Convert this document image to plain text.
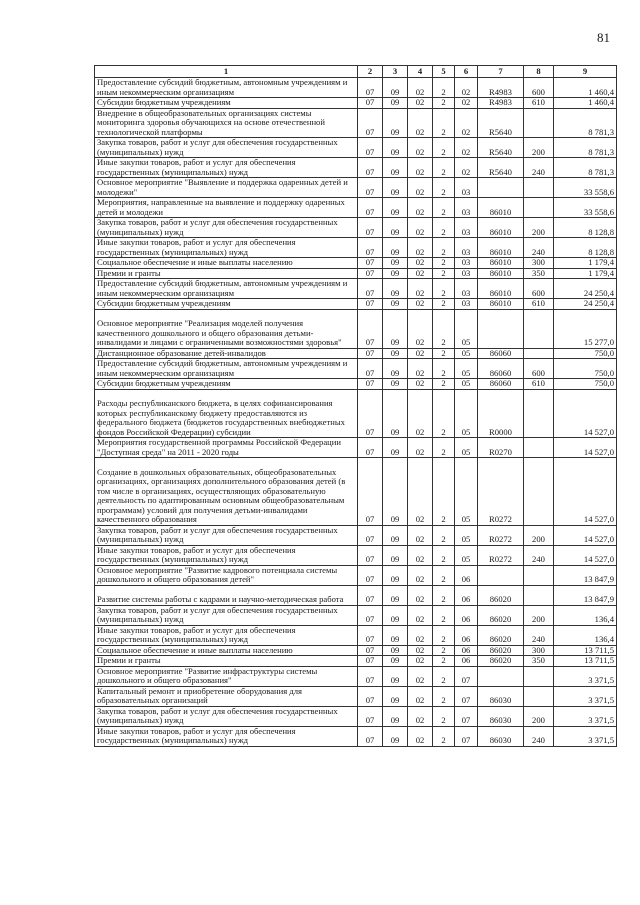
81
1	2	3	4	5	6	7	8	9
Предоставление субсидий бюджетным, автономным учреждениям и иным некоммерческим организациям	07	09	02	2	02	R4983	600	1 460,4
Субсидии бюджетным учреждениям	07	09	02	2	02	R4983	610	1 460,4
Внедрение в общеобразовательных организациях системы мониторинга здоровья обучающихся на основе отечественной технологической платформы	07	09	02	2	02	R5640		8 781,3
Закупка товаров, работ и услуг для обеспечения государственных (муниципальных) нужд	07	09	02	2	02	R5640	200	8 781,3
Иные закупки товаров, работ и услуг для обеспечения государственных (муниципальных) нужд	07	09	02	2	02	R5640	240	8 781,3
Основное мероприятие "Выявление и поддержка одаренных детей и молодежи"	07	09	02	2	03			33 558,6
Мероприятия, направленные на выявление и поддержку одаренных детей и молодежи	07	09	02	2	03	86010		33 558,6
Закупка товаров, работ и услуг для обеспечения государственных (муниципальных) нужд	07	09	02	2	03	86010	200	8 128,8
Иные закупки товаров, работ и услуг для обеспечения государственных (муниципальных) нужд	07	09	02	2	03	86010	240	8 128,8
Социальное обеспечение и иные выплаты населению	07	09	02	2	03	86010	300	1 179,4
Премии и гранты	07	09	02	2	03	86010	350	1 179,4
Предоставление субсидий бюджетным, автономным учреждениям и иным некоммерческим организациям	07	09	02	2	03	86010	600	24 250,4
Субсидии бюджетным учреждениям	07	09	02	2	03	86010	610	24 250,4
Основное мероприятие "Реализация моделей получения качественного дошкольного и общего образования детьми-инвалидами и лицами с ограниченными возможностями здоровья"	07	09	02	2	05			15 277,0
Дистанционное образование детей-инвалидов	07	09	02	2	05	86060		750,0
Предоставление субсидий бюджетным, автономным учреждениям и иным некоммерческим организациям	07	09	02	2	05	86060	600	750,0
Субсидии бюджетным учреждениям	07	09	02	2	05	86060	610	750,0
Расходы республиканского бюджета, в целях софинансирования которых республиканскому бюджету предоставляются из федерального бюджета (бюджетов государственных внебюджетных фондов Российской Федерации) субсидии	07	09	02	2	05	R0000		14 527,0
Мероприятия государственной программы Российской Федерации "Доступная среда" на 2011 - 2020 годы	07	09	02	2	05	R0270		14 527,0
Создание в дошкольных образовательных, общеобразовательных организациях, организациях дополнительного образования детей (в том числе в организациях, осуществляющих образовательную деятельность по адаптированным основным общеобразовательным программам) условий для получения детьми-инвалидами качественного образования	07	09	02	2	05	R0272		14 527,0
Закупка товаров, работ и услуг для обеспечения государственных (муниципальных) нужд	07	09	02	2	05	R0272	200	14 527,0
Иные закупки товаров, работ и услуг для обеспечения государственных (муниципальных) нужд	07	09	02	2	05	R0272	240	14 527,0
Основное мероприятие "Развитие кадрового потенциала системы дошкольного и общего образования детей"	07	09	02	2	06			13 847,9
Развитие системы работы с кадрами и научно-методическая работа	07	09	02	2	06	86020		13 847,9
Закупка товаров, работ и услуг для обеспечения государственных (муниципальных) нужд	07	09	02	2	06	86020	200	136,4
Иные закупки товаров, работ и услуг для обеспечения государственных (муниципальных) нужд	07	09	02	2	06	86020	240	136,4
Социальное обеспечение и иные выплаты населению	07	09	02	2	06	86020	300	13 711,5
Премии и гранты	07	09	02	2	06	86020	350	13 711,5
Основное мероприятие "Развитие инфраструктуры системы дошкольного и общего образования"	07	09	02	2	07			3 371,5
Капитальный ремонт и приобретение оборудования для образовательных организаций	07	09	02	2	07	86030		3 371,5
Закупка товаров, работ и услуг для обеспечения государственных (муниципальных) нужд	07	09	02	2	07	86030	200	3 371,5
Иные закупки товаров, работ и услуг для обеспечения государственных (муниципальных) нужд	07	09	02	2	07	86030	240	3 371,5
